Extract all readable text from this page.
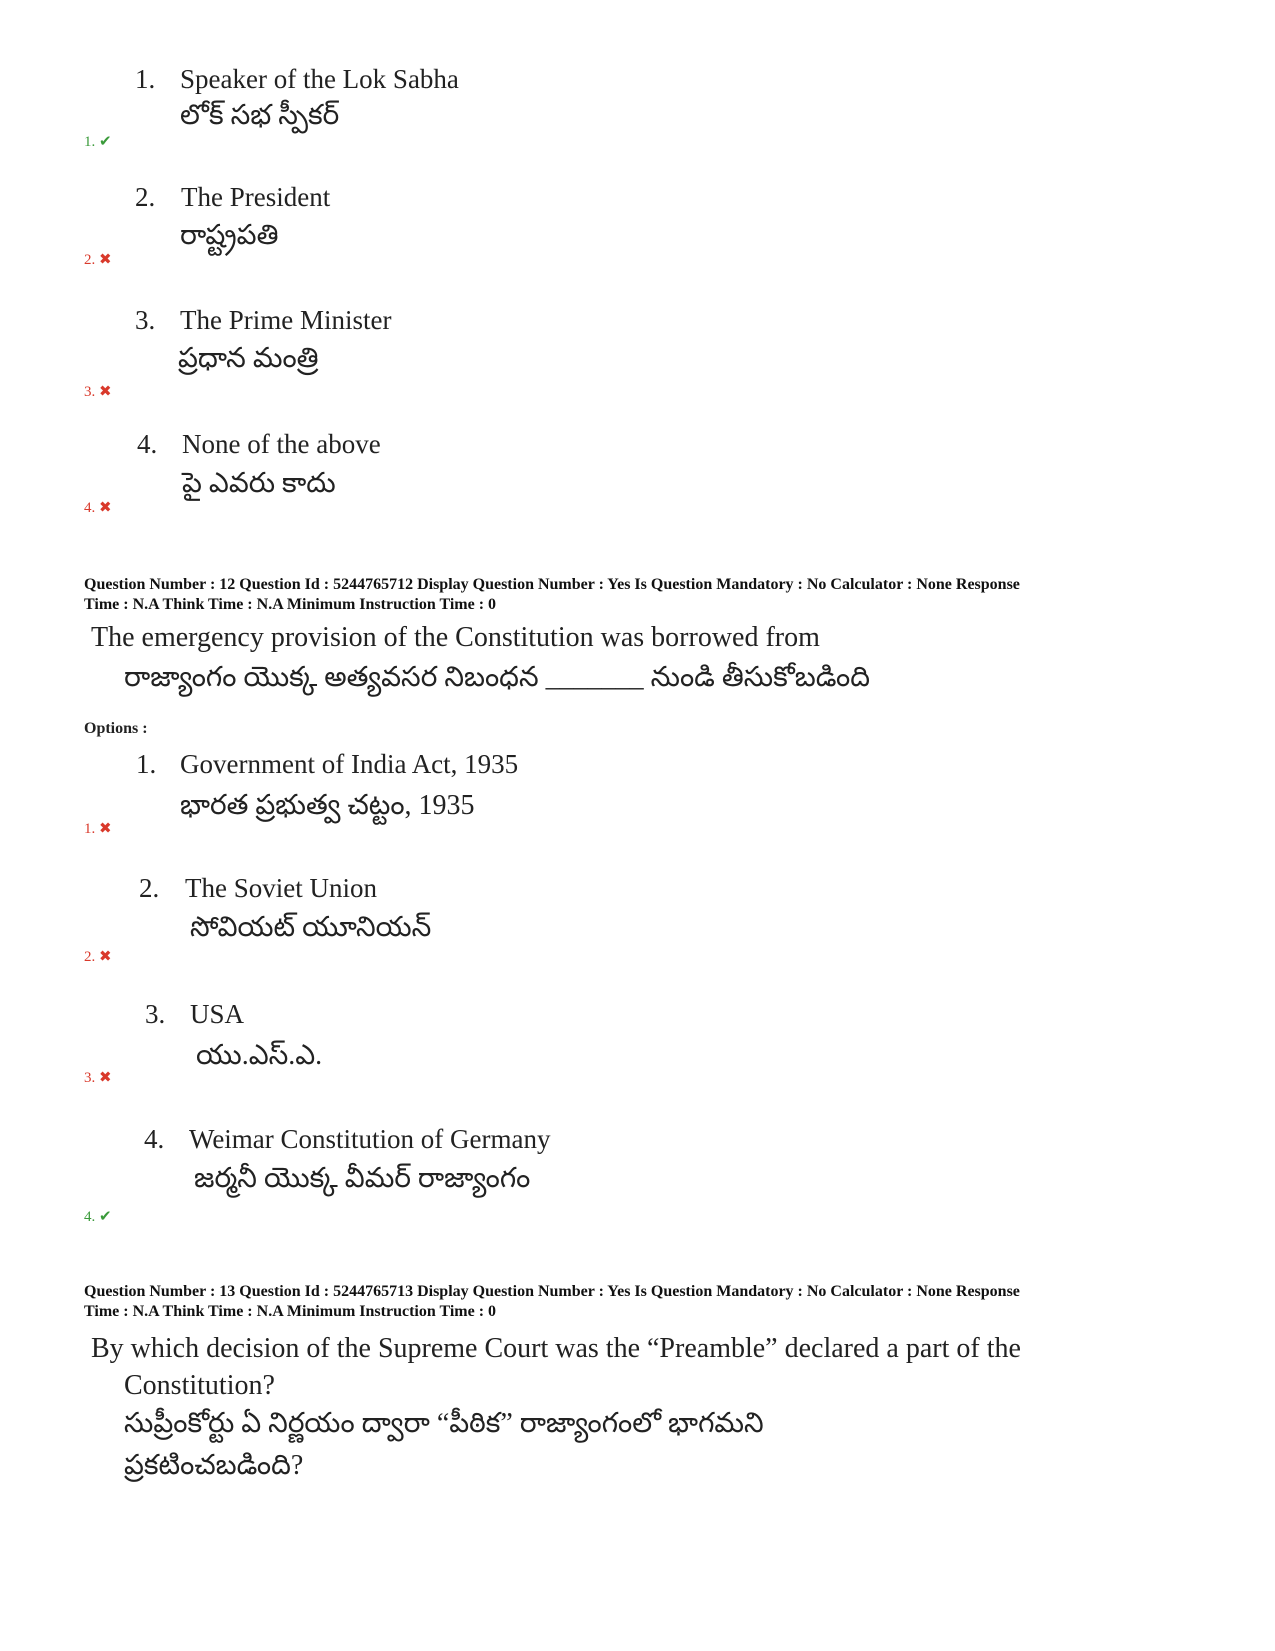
1. Speaker of the Lok Sabha
లోక్ సభ స్పీకర్
1. ✔
2. The President
రాష్ట్రపతి
2. ✖
3. The Prime Minister
ప్రధాన మంత్రి
3. ✖
4. None of the above
పై ఎవరు కాదు
4. ✖
Question Number : 12 Question Id : 5244765712 Display Question Number : Yes Is Question Mandatory : No Calculator : None Response
Time : N.A Think Time : N.A Minimum Instruction Time : 0
The emergency provision of the Constitution was borrowed from
రాజ్యాంగం యొక్క అత్యవసర నిబంధన _______ నుండి తీసుకోబడింది
Options :
1. Government of India Act, 1935
భారత ప్రభుత్వ చట్టం, 1935
1. ✖
2. The Soviet Union
సోవియట్ యూనియన్
2. ✖
3. USA
యు.ఎస్.ఎ.
3. ✖
4. Weimar Constitution of Germany
జర్మనీ యొక్క వీమర్ రాజ్యాంగం
4. ✔
Question Number : 13 Question Id : 5244765713 Display Question Number : Yes Is Question Mandatory : No Calculator : None Response
Time : N.A Think Time : N.A Minimum Instruction Time : 0
By which decision of the Supreme Court was the “Preamble” declared a part of the
Constitution?
సుప్రీంకోర్టు ఏ నిర్ణయం ద్వారా “పీఠిక” రాజ్యాంగంలో భాగమని
ప్రకటించబడింది?
